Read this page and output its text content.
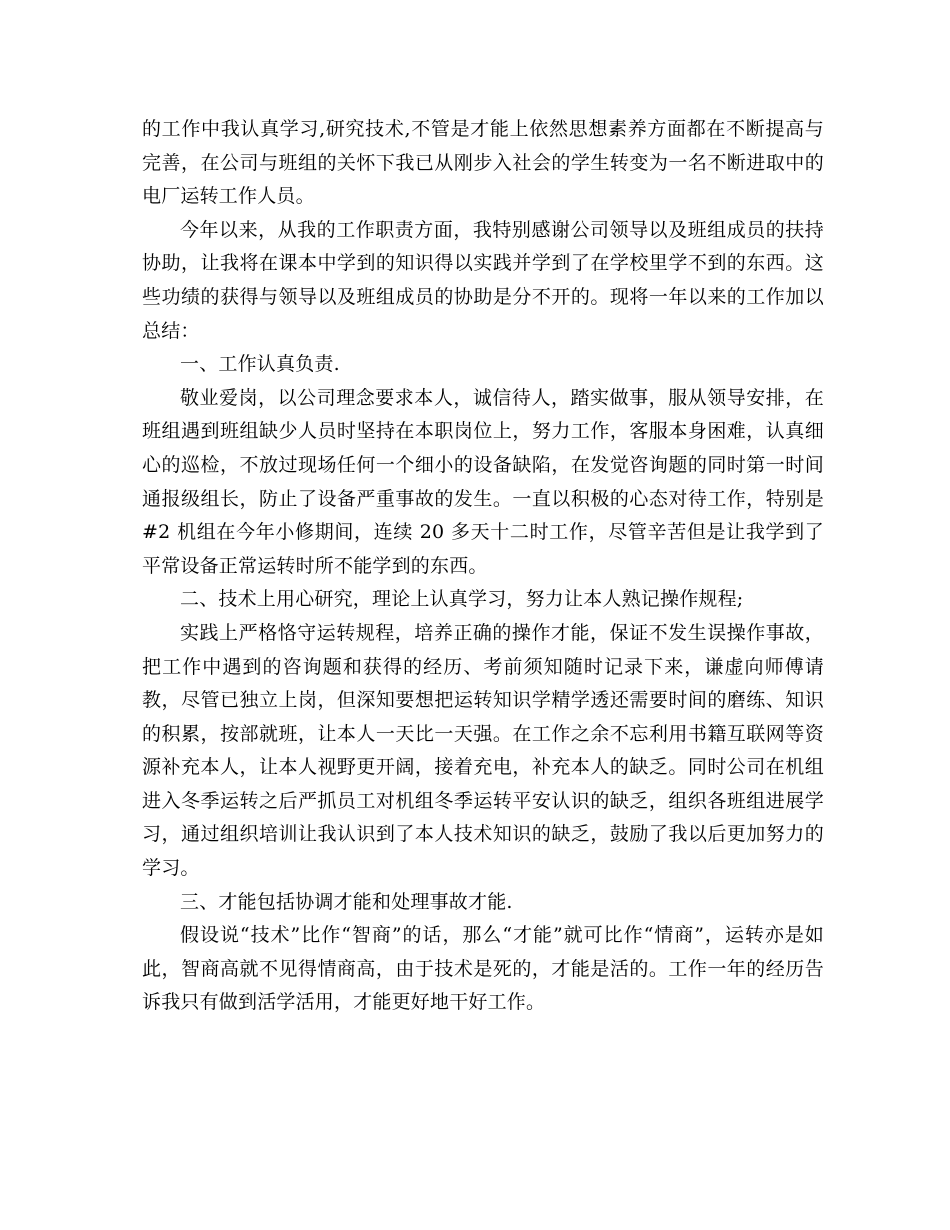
的工作中我认真学习,研究技术,不管是才能上依然思想素养方面都在不断提高与完善，在公司与班组的关怀下我已从刚步入社会的学生转变为一名不断进取中的电厂运转工作人员。

今年以来，从我的工作职责方面，我特别感谢公司领导以及班组成员的扶持协助，让我将在课本中学到的知识得以实践并学到了在学校里学不到的东西。这些功绩的获得与领导以及班组成员的协助是分不开的。现将一年以来的工作加以总结：

一、工作认真负责.

敬业爱岗，以公司理念要求本人，诚信待人，踏实做事，服从领导安排，在班组遇到班组缺少人员时坚持在本职岗位上，努力工作，客服本身困难，认真细心的巡检，不放过现场任何一个细小的设备缺陷，在发觉咨询题的同时第一时间通报级组长，防止了设备严重事故的发生。一直以积极的心态对待工作，特别是#2 机组在今年小修期间，连续 20 多天十二时工作，尽管辛苦但是让我学到了平常设备正常运转时所不能学到的东西。

二、技术上用心研究，理论上认真学习，努力让本人熟记操作规程;

实践上严格恪守运转规程，培养正确的操作才能，保证不发生误操作事故，把工作中遇到的咨询题和获得的经历、考前须知随时记录下来，谦虚向师傅请教，尽管已独立上岗，但深知要想把运转知识学精学透还需要时间的磨练、知识的积累，按部就班，让本人一天比一天强。在工作之余不忘利用书籍互联网等资源补充本人，让本人视野更开阔，接着充电，补充本人的缺乏。同时公司在机组进入冬季运转之后严抓员工对机组冬季运转平安认识的缺乏，组织各班组进展学习，通过组织培训让我认识到了本人技术知识的缺乏，鼓励了我以后更加努力的学习。

三、才能包括协调才能和处理事故才能.

假设说“技术”比作“智商”的话，那么“才能”就可比作“情商”，运转亦是如此，智商高就不见得情商高，由于技术是死的，才能是活的。工作一年的经历告诉我只有做到活学活用，才能更好地干好工作。
